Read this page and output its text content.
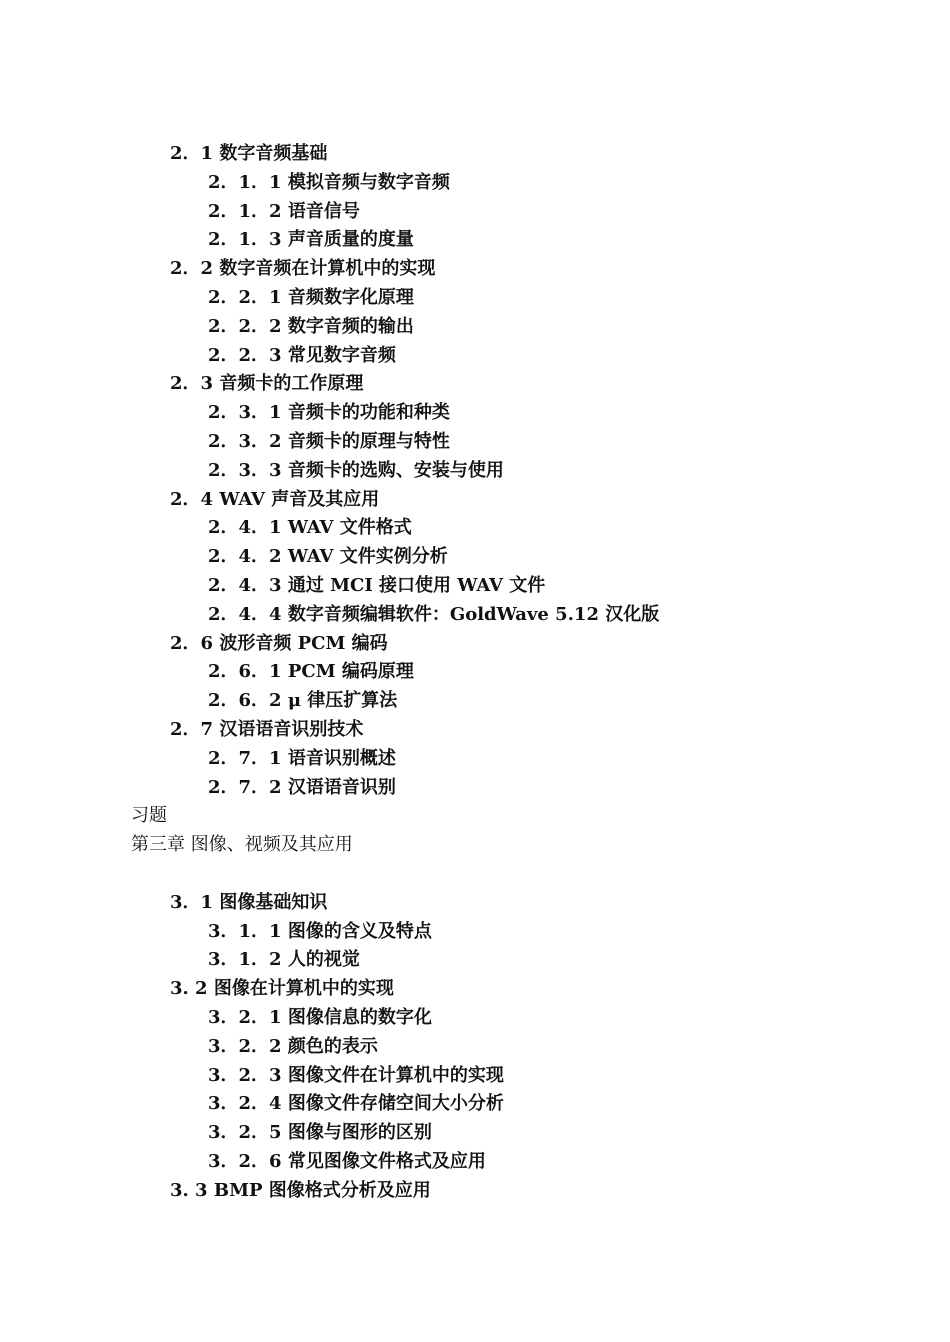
2．1 数字音频基础
2．1．1 模拟音频与数字音频
2．1．2 语音信号
2．1．3 声音质量的度量
2．2 数字音频在计算机中的实现
2．2．1 音频数字化原理
2．2．2 数字音频的输出
2．2．3 常见数字音频
2．3 音频卡的工作原理
2．3．1 音频卡的功能和种类
2．3．2 音频卡的原理与特性
2．3．3 音频卡的选购、安装与使用
2．4 WAV 声音及其应用
2．4．1 WAV 文件格式
2．4．2 WAV 文件实例分析
2．4．3 通过 MCI 接口使用 WAV 文件
2．4．4 数字音频编辑软件：GoldWave 5.12 汉化版
2．6 波形音频 PCM 编码
2．6．1 PCM 编码原理
2．6．2 μ 律压扩算法
2．7 汉语语音识别技术
2．7．1 语音识别概述
2．7．2 汉语语音识别
习题
第三章 图像、视频及其应用
3．1 图像基础知识
3．1．1 图像的含义及特点
3．1．2 人的视觉
3. 2 图像在计算机中的实现
3．2．1 图像信息的数字化
3．2．2 颜色的表示
3．2．3 图像文件在计算机中的实现
3．2．4 图像文件存储空间大小分析
3．2．5 图像与图形的区别
3．2．6 常见图像文件格式及应用
3. 3 BMP 图像格式分析及应用
